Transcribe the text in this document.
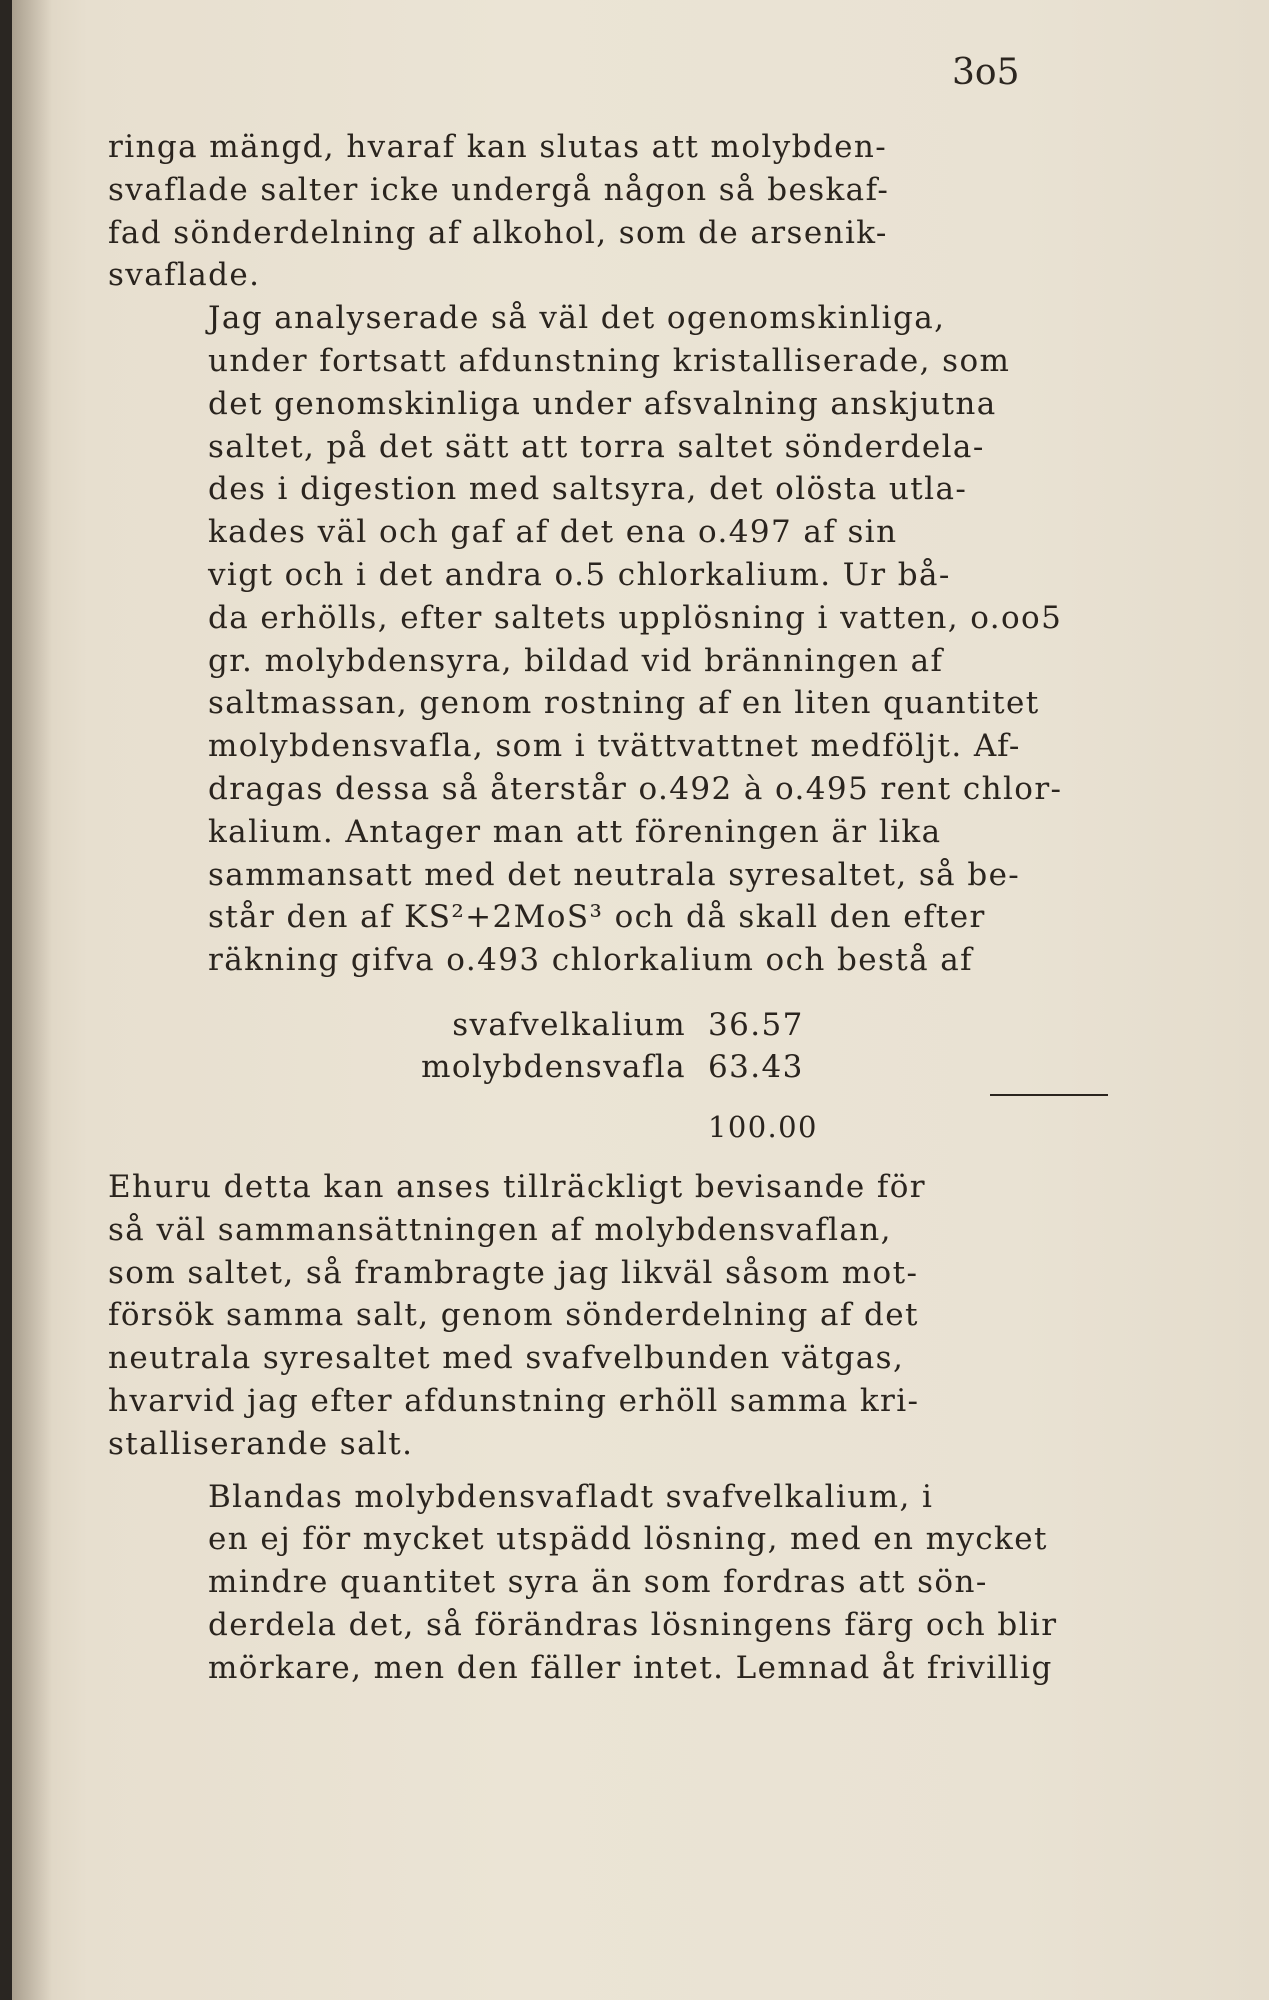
3o5

ringa mängd, hvaraf kan slutas att molybden-
svaflade salter icke undergå någon så beskaf-
fad sönderdelning af alkohol, som de arsenik-
svaflade.

Jag analyserade så väl det ogenomskinliga,
under fortsatt afdunstning kristalliserade, som
det genomskinliga under afsvalning anskjutna
saltet, på det sätt att torra saltet sönderdela-
des i digestion med saltsyra, det olösta utla-
kades väl och gaf af det ena o.497 af sin
vigt och i det andra o.5 chlorkalium. Ur bå-
da erhölls, efter saltets upplösning i vatten, o.oo5
gr. molybdensyra, bildad vid bränningen af
saltmassan, genom rostning af en liten quantitet
molybdensvafla, som i tvättvattnet medföljt. Af-
dragas dessa så återstår o.492 à o.495 rent chlor-
kalium. Antager man att föreningen är lika
sammansatt med det neutrala syresaltet, så be-
står den af KS²+2MoS³ och då skall den efter
räkning gifva o.493 chlorkalium och bestå af

svafvelkalium 36.57
molybdensvafla 63.43
100.00

Ehuru detta kan anses tillräckligt bevisande för
så väl sammansättningen af molybdensvaflan,
som saltet, så frambragte jag likväl såsom mot-
försök samma salt, genom sönderdelning af det
neutrala syresaltet med svafvelbunden vätgas,
hvarvid jag efter afdunstning erhöll samma kri-
stalliserande salt.

Blandas molybdensvafladt svafvelkalium, i
en ej för mycket utspädd lösning, med en mycket
mindre quantitet syra än som fordras att sön-
derdela det, så förändras lösningens färg och blir
mörkare, men den fäller intet. Lemnad åt frivillig
